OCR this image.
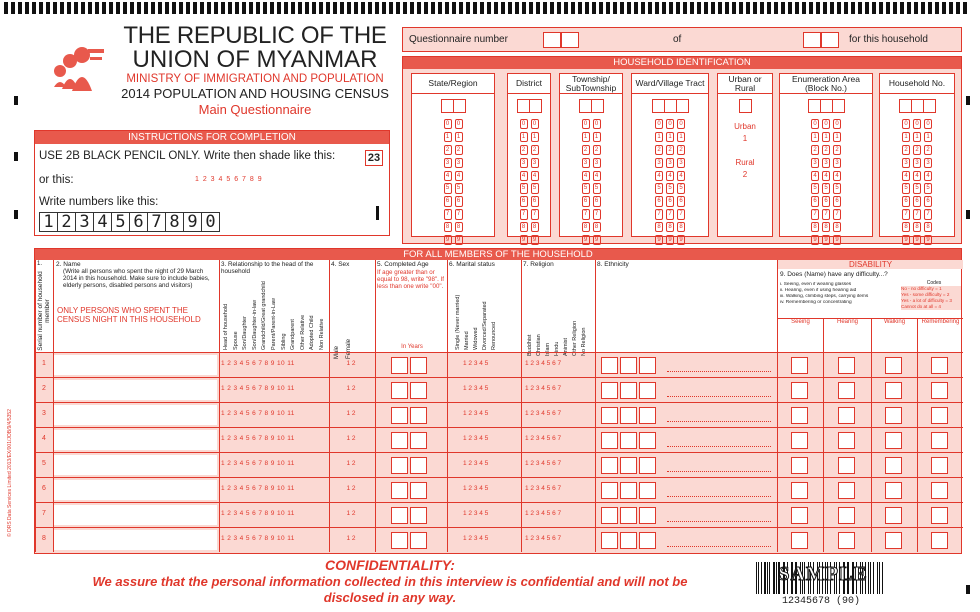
© DRS Data Services Limited 2013/EX/001/JOB/9/4/5352
THE REPUBLIC OF THE
UNION OF MYANMAR
MINISTRY OF IMMIGRATION AND POPULATION
2014 POPULATION AND HOUSING CENSUS
Main Questionnaire
INSTRUCTIONS FOR COMPLETION
USE 2B BLACK PENCIL ONLY. Write then shade like this:	23
or this:	1 2 3 4 5 6 7 8 9
Write numbers like this:
1 2 3 4 5 6 7 8 9 0
Questionnaire number	of	for this household
HOUSEHOLD IDENTIFICATION
State/Region
0
1
2
3
4
5
6
7
8
9
0
1
2
3
4
5
6
7
8
9
District
0
1
2
3
4
5
6
7
8
9
0
1
2
3
4
5
6
7
8
9
Township/ SubTownship
0
1
2
3
4
5
6
7
8
9
0
1
2
3
4
5
6
7
8
9
Ward/Village Tract
0
1
2
3
4
5
6
7
8
9
0
1
2
3
4
5
6
7
8
9
0
1
2
3
4
5
6
7
8
9
Urban or Rural
Urban
1
Rural
2
Enumeration Area (Block No.)
0
1
2
3
4
5
6
7
8
9
0
1
2
3
4
5
6
7
8
9
0
1
2
3
4
5
6
7
8
9
Household No.
0
1
2
3
4
5
6
7
8
9
0
1
2
3
4
5
6
7
8
9
0
1
2
3
4
5
6
7
8
9
FOR ALL MEMBERS OF THE HOUSEHOLD
1.
Serial number of household member
2. Name
(Write all persons who spent the night of 29 March 2014 in this household. Make sure to include babies, elderly persons, disabled persons and visitors)
ONLY PERSONS WHO SPENT THE CENSUS NIGHT IN THIS HOUSEHOLD
3. Relationship to the head of the household
Head of household Spouse Son/Daughter Son/Daughter-in-law Grandchild/Great grandchild Parent/Parent-in-Law Sibling Grandparent Other Relative Adopted Child Non Relative
4. Sex
Male Female
5. Completed Age
If age greater than or equal to 98, write "98". If less than one write "00".
In Years
6. Marital status
Single (Never married) Married Widowed Divorced/Separated Renounced
7. Religion
Buddhist Christian Islam Hindu Animist Other Religion No Religion
8. Ethnicity	DISABILITY
9. Does (Name) have any difficulty...?
i. Seeing, even if wearing glasses
ii. Hearing, even if using hearing aid
iii. Walking, climbing steps, carrying items
iv. Remembering or concentrating
Codes
No - no difficulty = 1
Yes - some difficulty = 2
Yes - a lot of difficulty = 3
Cannot do at all = 4
Seeing	Hearing	Walking	Remembering
1	1 2 3 4 5 6 7 8 9 10 11	1 2	1 2 3 4 5	1 2 3 4 5 6 7
2	1 2 3 4 5 6 7 8 9 10 11	1 2	1 2 3 4 5	1 2 3 4 5 6 7
3	1 2 3 4 5 6 7 8 9 10 11	1 2	1 2 3 4 5	1 2 3 4 5 6 7
4	1 2 3 4 5 6 7 8 9 10 11	1 2	1 2 3 4 5	1 2 3 4 5 6 7
5	1 2 3 4 5 6 7 8 9 10 11	1 2	1 2 3 4 5	1 2 3 4 5 6 7
6	1 2 3 4 5 6 7 8 9 10 11	1 2	1 2 3 4 5	1 2 3 4 5 6 7
7	1 2 3 4 5 6 7 8 9 10 11	1 2	1 2 3 4 5	1 2 3 4 5 6 7
8	1 2 3 4 5 6 7 8 9 10 11	1 2	1 2 3 4 5	1 2 3 4 5 6 7
CONFIDENTIALITY:
We assure that the personal information collected in this interview is confidential and will not be
disclosed in any way.
SAMPLE
12345678 (90)
